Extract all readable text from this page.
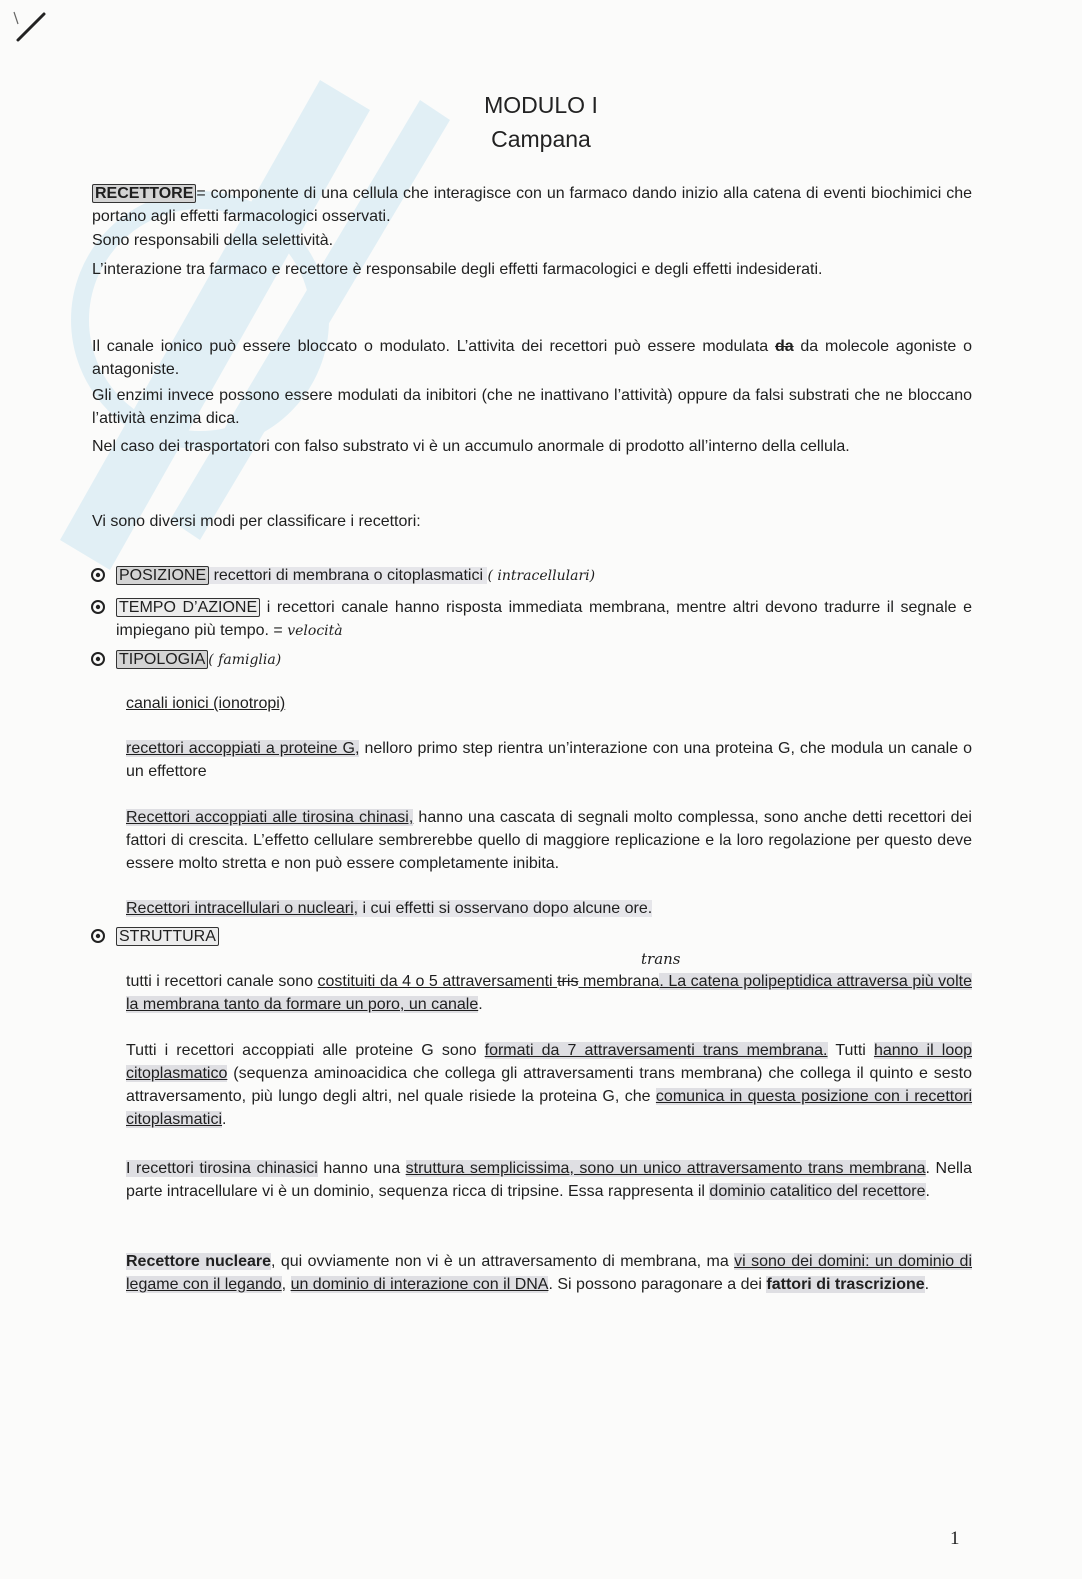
MODULO I
Campana
RECETTORE = componente di una cellula che interagisce con un farmaco dando inizio alla catena di eventi biochimici che portano agli effetti farmacologici osservati.
Sono responsabili della selettività.
L’interazione tra farmaco e recettore è responsabile degli effetti farmacologici e degli effetti indesiderati.
Il canale ionico può essere bloccato o modulato. L’attivita dei recettori può essere modulata da da molecole agoniste o antagoniste.
Gli enzimi invece possono essere modulati da inibitori (che ne inattivano l’attività) oppure da falsi substrati che ne bloccano l’attività enzima dica.
Nel caso dei trasportatori con falso substrato vi è un accumulo anormale di prodotto all’interno della cellula.
Vi sono diversi modi per classificare i recettori:
POSIZIONE recettori di membrana o citoplasmatici ( intracellulari)
TEMPO D’AZIONE i recettori canale hanno risposta immediata membrana, mentre altri devono tradurre il segnale e impiegano più tempo. = velocità
TIPOLOGIA ( famiglia)
canali ionici (ionotropi)
recettori accoppiati a proteine G, nelloro primo step rientra un’interazione con una proteina G, che modula un canale o un effettore
Recettori accoppiati alle tirosina chinasi, hanno una cascata di segnali molto complessa, sono anche detti recettori dei fattori di crescita. L’effetto cellulare sembrerebbe quello di maggiore replicazione e la loro regolazione per questo deve essere molto stretta e non può essere completamente inibita.
Recettori intracellulari o nucleari, i cui effetti si osservano dopo alcune ore.
STRUTTURA
trans
tutti i recettori canale sono costituiti da 4 o 5 attraversamenti tris membrana. La catena polipeptidica attraversa più volte la membrana tanto da formare un poro, un canale.
Tutti i recettori accoppiati alle proteine G sono formati da 7 attraversamenti trans membrana. Tutti hanno il loop citoplasmatico (sequenza aminoacidica che collega gli attraversamenti trans membrana) che collega il quinto e sesto attraversamento, più lungo degli altri, nel quale risiede la proteina G, che comunica in questa posizione con i recettori citoplasmatici.
I recettori tirosina chinasici hanno una struttura semplicissima, sono un unico attraversamento trans membrana. Nella parte intracellulare vi è un dominio, sequenza ricca di tripsine. Essa rappresenta il dominio catalitico del recettore.
Recettore nucleare, qui ovviamente non vi è un attraversamento di membrana, ma vi sono dei domini: un dominio di legame con il legando, un dominio di interazione con il DNA. Si possono paragonare a dei fattori di trascrizione.
1
